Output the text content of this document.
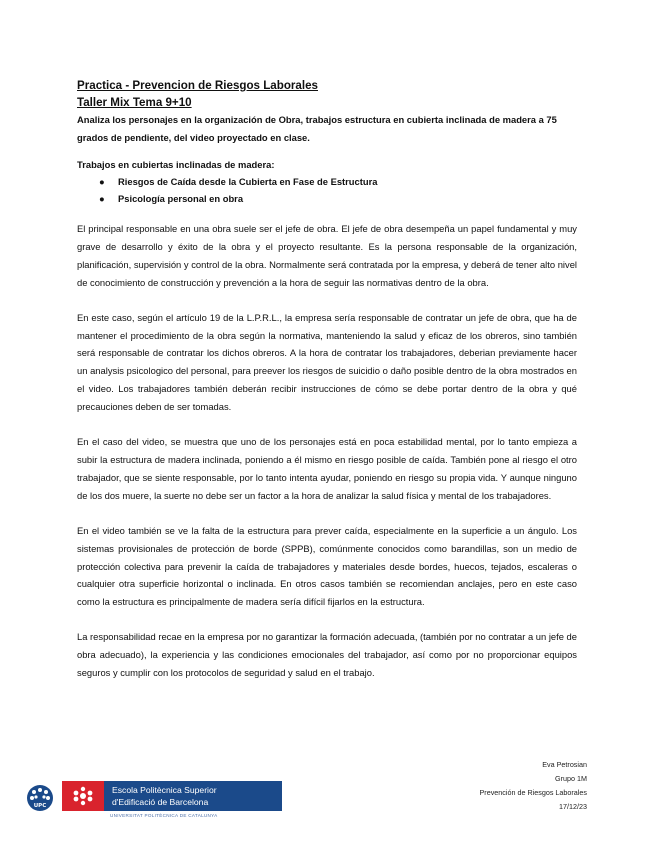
Practica - Prevencion de Riesgos Laborales

Taller Mix Tema 9+10

Analiza los personajes en la organización de Obra, trabajos estructura en cubierta inclinada de madera a 75 grados de pendiente, del video proyectado en clase.

Trabajos en cubiertas inclinadas de madera:

● Riesgos de Caída desde la Cubierta en Fase de Estructura
● Psicología personal en obra

El principal responsable en una obra suele ser el jefe de obra. El jefe de obra desempeña un papel fundamental y muy grave de desarrollo y éxito de la obra y el proyecto resultante. Es la persona responsable de la organización, planificación, supervisión y control de la obra. Normalmente será contratada por la empresa, y deberá de tener alto nivel de conocimiento de construcción y prevención a la hora de seguir las normativas dentro de la obra.

En este caso, según el artículo 19 de la L.P.R.L., la empresa sería responsable de contratar un jefe de obra, que ha de mantener el procedimiento de la obra según la normativa, manteniendo la salud y eficaz de los obreros, sino también será responsable de contratar los dichos obreros. A la hora de contratar los trabajadores, deberian previamente hacer un analysis psicologico del personal, para preever los riesgos de suicidio o daño posible dentro de la obra mostrados en el video. Los trabajadores también deberán recibir instrucciones de cómo se debe portar dentro de la obra y qué precauciones deben de ser tomadas.

En el caso del video, se muestra que uno de los personajes está en poca estabilidad mental, por lo tanto empieza a subir la estructura de madera inclinada, poniendo a él mismo en riesgo posible de caída. También pone al riesgo el otro trabajador, que se siente responsable, por lo tanto intenta ayudar, poniendo en riesgo su propia vida. Y aunque ninguno de los dos muere, la suerte no debe ser un factor a la hora de analizar la salud física y mental de los trabajadores.

En el video también se ve la falta de la estructura para prever caída, especialmente en la superficie a un ángulo. Los sistemas provisionales de protección de borde (SPPB), comúnmente conocidos como barandillas, son un medio de protección colectiva para prevenir la caída de trabajadores y materiales desde bordes, huecos, tejados, escaleras o cualquier otra superficie horizontal o inclinada. En otros casos también se recomiendan anclajes, pero en este caso como la estructura es principalmente de madera sería difícil fijarlos en la estructura.

La responsabilidad recae en la empresa por no garantizar la formación adecuada, (también por no contratar a un jefe de obra adecuado), la experiencia y las condiciones emocionales del trabajador, así como por no proporcionar equipos seguros y cumplir con los protocolos de seguridad y salud en el trabajo.

Eva Petrosian
Grupo 1M
Prevención de Riesgos Laborales
17/12/23
UPC
Escola Politècnica Superior
d'Edificació de Barcelona
UNIVERSITAT POLITÈCNICA DE CATALUNYA
